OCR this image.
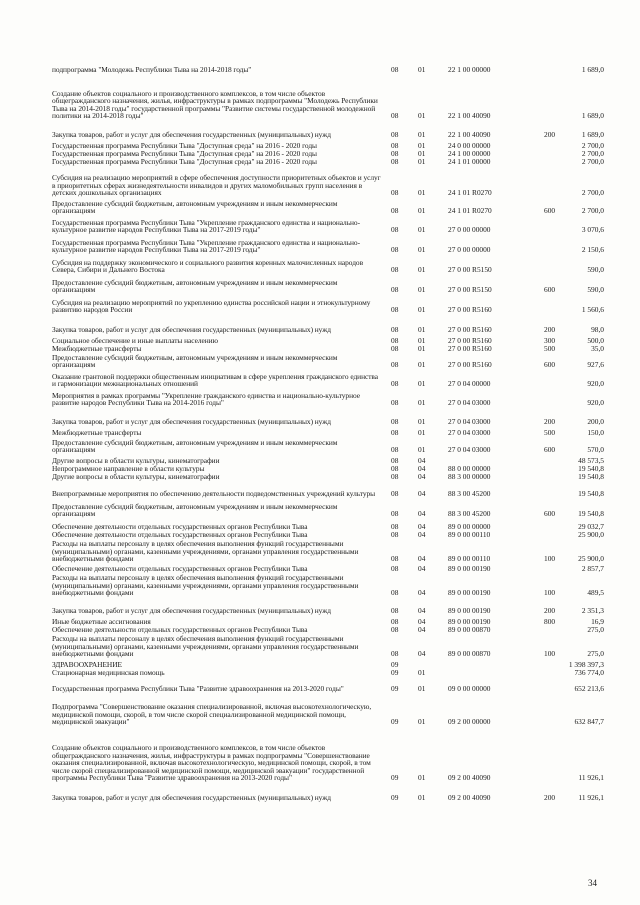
подпрограмма "Молодежь Республики Тыва на 2014-2018 годы"	08	01	22 1 00 00000	1 689,0
Создание объектов социального и производственного комплексов, в том числе объектов общегражданского назначения, жилья, инфраструктуры в рамках подпрограммы "Молодежь Республики Тыва на 2014-2018 годы" государственной программы "Развитие системы государственной молодежной политики на 2014-2018 годы"	08	01	22 1 00 40090	1 689,0
Закупка товаров, работ и услуг для обеспечения государственных (муниципальных) нужд	08	01	22 1 00 40090	200	1 689,0
Государственная программа Республики Тыва "Доступная среда" на 2016 - 2020 годы	08	01	24 0 00 00000	2 700,0
Государственная программа Республики Тыва "Доступная среда" на 2016 - 2020 годы	08	01	24 1 00 00000	2 700,0
Государственная программа Республики Тыва "Доступная среда" на 2016 - 2020 годы	08	01	24 1 01 00000	2 700,0
Субсидия на реализацию мероприятий в сфере обеспечения доступности приоритетных объектов и услуг в приоритетных сферах жизнедеятельности инвалидов и других маломобильных групп населения в детских дошкольных организациях	08	01	24 1 01 R0270	2 700,0
Предоставление субсидий бюджетным, автономным учреждениям и иным некоммерческим организациям	08	01	24 1 01 R0270	600	2 700,0
Государственная программа Республики Тыва "Укрепление гражданского единства и национально-культурное развитие народов Республики Тыва на 2017-2019 годы"	08	01	27 0 00 00000	3 070,6
Государственная программа Республики Тыва "Укрепление гражданского единства и национально-культурное развитие народов Республики Тыва на 2017-2019 годы"	08	01	27 0 00 00000	2 150,6
Субсидия на поддержку экономического и социального развития коренных малочисленных народов Севера, Сибири и Дальнего Востока	08	01	27 0 00 R5150	590,0
Предоставление субсидий бюджетным, автономным учреждениям и иным некоммерческим организациям	08	01	27 0 00 R5150	600	590,0
Субсидия на реализацию мероприятий по укреплению единства российской нации и этнокультурному развитию народов России	08	01	27 0 00 R5160	1 560,6
Закупка товаров, работ и услуг для обеспечения государственных (муниципальных) нужд	08	01	27 0 00 R5160	200	98,0
Социальное обеспечение и иные выплаты населению	08	01	27 0 00 R5160	300	500,0
Межбюджетные трансферты	08	01	27 0 00 R5160	500	35,0
Предоставление субсидий бюджетным, автономным учреждениям и иным некоммерческим организациям	08	01	27 0 00 R5160	600	927,6
Оказание грантовой поддержки общественным инициативам в сфере укрепления гражданского единства и гармонизации межнациональных отношений	08	01	27 0 04 00000	920,0
Мероприятия в рамках программы "Укрепление гражданского единства и национально-культурное развитие народов Республики Тыва на 2014-2016 годы"	08	01	27 0 04 03000	920,0
Закупка товаров, работ и услуг для обеспечения государственных (муниципальных) нужд	08	01	27 0 04 03000	200	200,0
Межбюджетные трансферты	08	01	27 0 04 03000	500	150,0
Предоставление субсидий бюджетным, автономным учреждениям и иным некоммерческим организациям	08	01	27 0 04 03000	600	570,0
Другие вопросы в области культуры, кинематографии	08	04	48 573,5
Непрограммное направление в области культуры	08	04	88 0 00 00000	19 540,8
Другие вопросы в области культуры, кинематографии	08	04	88 3 00 00000	19 540,8
Внепрограммные мероприятия по обеспечению деятельности подведомственных учреждений культуры	08	04	88 3 00 45200	19 540,8
Предоставление субсидий бюджетным, автономным учреждениям и иным некоммерческим организациям	08	04	88 3 00 45200	600	19 540,8
Обеспечение деятельности отдельных государственных органов Республики Тыва	08	04	89 0 00 00000	29 032,7
Обеспечение деятельности отдельных государственных органов Республики Тыва	08	04	89 0 00 00110	25 900,0
Расходы на выплаты персоналу в целях обеспечения выполнения функций государственными (муниципальными) органами, казенными учреждениями, органами управления государственными внебюджетными фондами	08	04	89 0 00 00110	100	25 900,0
Обеспечение деятельности отдельных государственных органов Республики Тыва	08	04	89 0 00 00190	2 857,7
Расходы на выплаты персоналу в целях обеспечения выполнения функций государственными (муниципальными) органами, казенными учреждениями, органами управления государственными внебюджетными фондами	08	04	89 0 00 00190	100	489,5
Закупка товаров, работ и услуг для обеспечения государственных (муниципальных) нужд	08	04	89 0 00 00190	200	2 351,3
Иные бюджетные ассигнования	08	04	89 0 00 00190	800	16,9
Обеспечение деятельности отдельных государственных органов Республики Тыва	08	04	89 0 00 00870	275,0
Расходы на выплаты персоналу в целях обеспечения выполнения функций государственными (муниципальными) органами, казенными учреждениями, органами управления государственными внебюджетными фондами	08	04	89 0 00 00870	100	275,0
ЗДРАВООХРАНЕНИЕ	09	1 398 397,3
Стационарная медицинская помощь	09	01	736 774,0
Государственная программа Республики Тыва "Развитие здравоохранения на 2013-2020 годы"	09	01	09 0 00 00000	652 213,6
Подпрограмма "Совершенствование оказания специализированной, включая высокотехнологическую, медицинской помощи, скорой, в том числе скорой специализированной медицинской помощи, медицинской эвакуации"	09	01	09 2 00 00000	632 847,7
Создание объектов социального и производственного комплексов, в том числе объектов общегражданского назначения, жилья, инфраструктуры в рамках подпрограммы "Совершенствование оказания специализированной, включая высокотехнологическую, медицинской помощи, скорой, в том числе скорой специализированной медицинской помощи, медицинской эвакуации" государственной программы Республики Тыва "Развитие здравоохранения на 2013-2020 годы"	09	01	09 2 00 40090	11 926,1
Закупка товаров, работ и услуг для обеспечения государственных (муниципальных) нужд	09	01	09 2 00 40090	200	11 926,1
34
